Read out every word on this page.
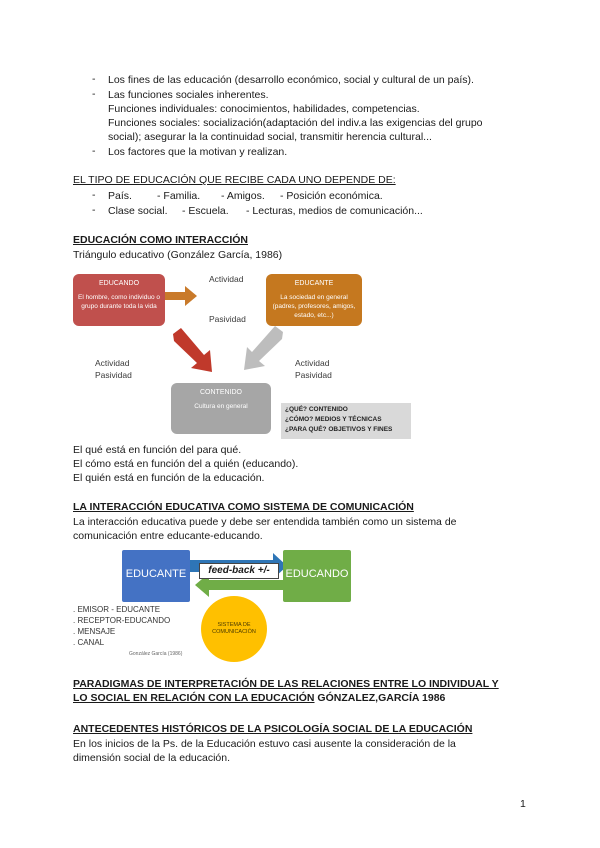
- Los fines de las educación (desarrollo económico, social y cultural de un país).
- Las funciones sociales inherentes.
Funciones individuales: conocimientos, habilidades, competencias.
Funciones sociales: socialización(adaptación del indiv.a las exigencias del grupo
social); asegurar la la continuidad social, transmitir herencia cultural...
- Los factores que la motivan y realizan.
EL TIPO DE EDUCACIÓN QUE RECIBE CADA UNO DEPENDE DE:
- País. - Familia. - Amigos. - Posición económica.
- Clase social. - Escuela. - Lecturas, medios de comunicación...
EDUCACIÓN COMO INTERACCIÓN
Triángulo educativo (González García, 1986)
EDUCANDO
El hombre, como individuo o grupo durante toda la vida
EDUCANTE
La sociedad en general (padres, profesores, amigos, estado, etc...)
CONTENIDO
Cultura en general
Actividad
Pasividad
Actividad
Pasividad
Actividad
Pasividad
¿QUÉ? CONTENIDO
¿CÓMO? MEDIOS Y TÉCNICAS
¿PARA QUÉ? OBJETIVOS Y FINES
El qué está en función del para qué.
El cómo está en función del a quién (educando).
El quién está en función de la educación.
LA INTERACCIÓN EDUCATIVA COMO SISTEMA DE COMUNICACIÓN
La interacción educativa puede y debe ser entendida también como un sistema de
comunicación entre educante-educando.
EDUCANTE	EDUCANDO
feed-back +/-
SISTEMA DE
COMUNICACIÓN
. EMISOR - EDUCANTE
. RECEPTOR-EDUCANDO
. MENSAJE
. CANAL
González García (1986)
PARADIGMAS DE INTERPRETACIÓN DE LAS RELACIONES ENTRE LO INDIVIDUAL Y
LO SOCIAL EN RELACIÓN CON LA EDUCACIÓN GÓNZALEZ,GARCÍA 1986
ANTECEDENTES HISTÓRICOS DE LA PSICOLOGÍA SOCIAL DE LA EDUCACIÓN
En los inicios de la Ps. de la Educación estuvo casi ausente la consideración de la
dimensión social de la educación.
1
